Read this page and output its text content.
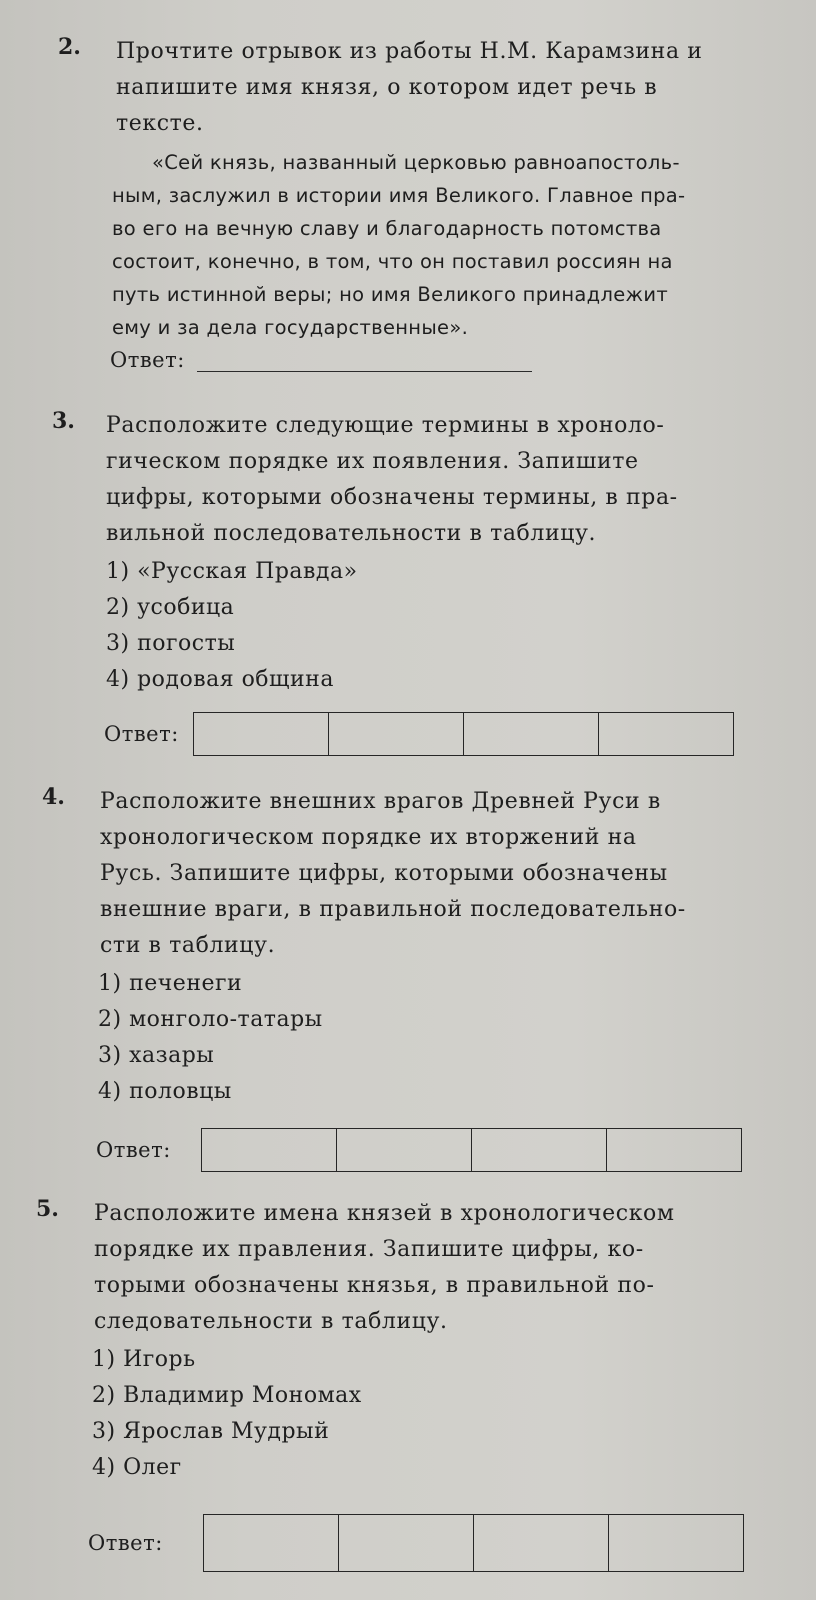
2. Прочтите отрывок из работы Н.М. Карамзина и
напишите имя князя, о котором идет речь в
тексте.
«Сей князь, названный церковью равноапостоль-
ным, заслужил в истории имя Великого. Главное пра-
во его на вечную славу и благодарность потомства
состоит, конечно, в том, что он поставил россиян на
путь истинной веры; но имя Великого принадлежит
ему и за дела государственные».
Ответ:
3. Расположите следующие термины в хроноло-
гическом порядке их появления. Запишите
цифры, которыми обозначены термины, в пра-
вильной последовательности в таблицу.
1) «Русская Правда»
2) усобица
3) погосты
4) родовая община
Ответ:
4. Расположите внешних врагов Древней Руси в
хронологическом порядке их вторжений на
Русь. Запишите цифры, которыми обозначены
внешние враги, в правильной последовательно-
сти в таблицу.
1) печенеги
2) монголо-татары
3) хазары
4) половцы
Ответ:
5. Расположите имена князей в хронологическом
порядке их правления. Запишите цифры, ко-
торыми обозначены князья, в правильной по-
следовательности в таблицу.
1) Игорь
2) Владимир Мономах
3) Ярослав Мудрый
4) Олег
Ответ:
